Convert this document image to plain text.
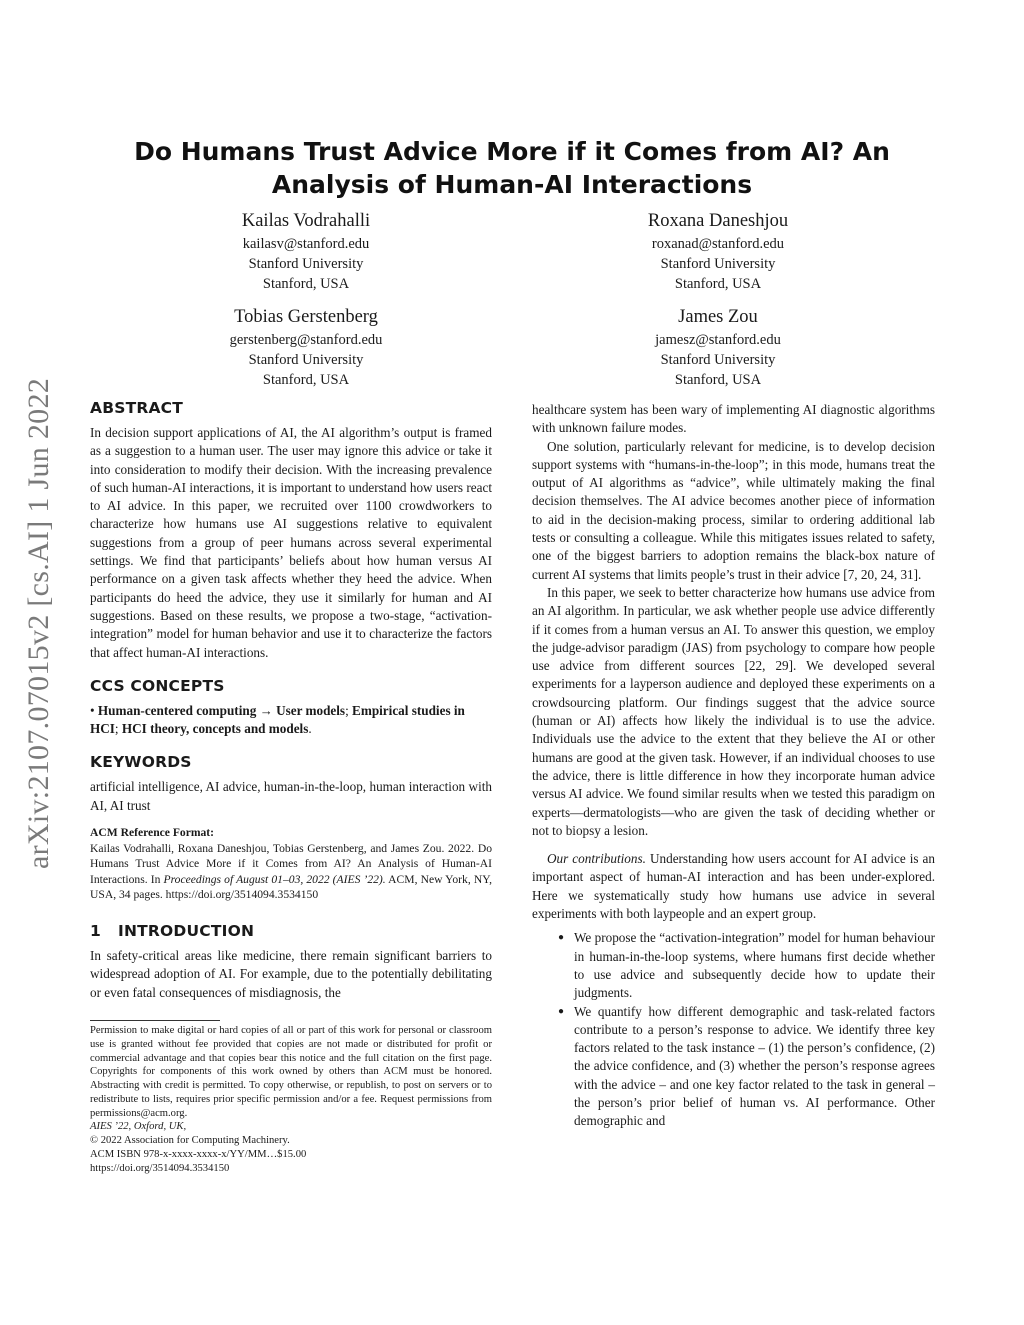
arXiv:2107.07015v2 [cs.AI] 1 Jun 2022
Do Humans Trust Advice More if it Comes from AI? An Analysis of Human-AI Interactions
Kailas Vodrahalli
kailasv@stanford.edu
Stanford University
Stanford, USA
Roxana Daneshjou
roxanad@stanford.edu
Stanford University
Stanford, USA
Tobias Gerstenberg
gerstenberg@stanford.edu
Stanford University
Stanford, USA
James Zou
jamesz@stanford.edu
Stanford University
Stanford, USA
ABSTRACT

In decision support applications of AI, the AI algorithm’s output is framed as a suggestion to a human user. The user may ignore this advice or take it into consideration to modify their decision. With the increasing prevalence of such human-AI interactions, it is important to understand how users react to AI advice. In this paper, we recruited over 1100 crowdworkers to characterize how humans use AI suggestions relative to equivalent suggestions from a group of peer humans across several experimental settings. We find that participants’ beliefs about how human versus AI performance on a given task affects whether they heed the advice. When participants do heed the advice, they use it similarly for human and AI suggestions. Based on these results, we propose a two-stage, “activation-integration” model for human behavior and use it to characterize the factors that affect human-AI interactions.

CCS CONCEPTS

• Human-centered computing → User models; Empirical studies in HCI; HCI theory, concepts and models.

KEYWORDS

artificial intelligence, AI advice, human-in-the-loop, human interaction with AI, AI trust

ACM Reference Format:

Kailas Vodrahalli, Roxana Daneshjou, Tobias Gerstenberg, and James Zou. 2022. Do Humans Trust Advice More if it Comes from AI? An Analysis of Human-AI Interactions. In Proceedings of August 01–03, 2022 (AIES ’22). ACM, New York, NY, USA, 34 pages. https://doi.org/3514094.3534150

1 INTRODUCTION

In safety-critical areas like medicine, there remain significant barriers to widespread adoption of AI. For example, due to the potentially debilitating or even fatal consequences of misdiagnosis, the

Permission to make digital or hard copies of all or part of this work for personal or classroom use is granted without fee provided that copies are not made or distributed for profit or commercial advantage and that copies bear this notice and the full citation on the first page. Copyrights for components of this work owned by others than ACM must be honored. Abstracting with credit is permitted. To copy otherwise, or republish, to post on servers or to redistribute to lists, requires prior specific permission and/or a fee. Request permissions from permissions@acm.org.

AIES ’22, Oxford, UK,

© 2022 Association for Computing Machinery.

ACM ISBN 978-x-xxxx-xxxx-x/YY/MM…$15.00

https://doi.org/3514094.3534150

healthcare system has been wary of implementing AI diagnostic algorithms with unknown failure modes.

One solution, particularly relevant for medicine, is to develop decision support systems with “humans-in-the-loop”; in this mode, humans treat the output of AI algorithms as “advice”, while ultimately making the final decision themselves. The AI advice becomes another piece of information to aid in the decision-making process, similar to ordering additional lab tests or consulting a colleague. While this mitigates issues related to safety, one of the biggest barriers to adoption remains the black-box nature of current AI systems that limits people’s trust in their advice [7, 20, 24, 31].

In this paper, we seek to better characterize how humans use advice from an AI algorithm. In particular, we ask whether people use advice differently if it comes from a human versus an AI. To answer this question, we employ the judge-advisor paradigm (JAS) from psychology to compare how people use advice from different sources [22, 29]. We developed several experiments for a layperson audience and deployed these experiments on a crowdsourcing platform. Our findings suggest that the advice source (human or AI) affects how likely the individual is to use the advice. Individuals use the advice to the extent that they believe the AI or other humans are good at the given task. However, if an individual chooses to use the advice, there is little difference in how they incorporate human advice versus AI advice. We found similar results when we tested this paradigm on experts—dermatologists—who are given the task of deciding whether or not to biopsy a lesion.

Our contributions. Understanding how users account for AI advice is an important aspect of human-AI interaction and has been under-explored. Here we systematically study how humans use advice in several experiments with both laypeople and an expert group.

● We propose the “activation-integration” model for human behaviour in human-in-the-loop systems, where humans first decide whether to use advice and subsequently decide how to update their judgments.
● We quantify how different demographic and task-related factors contribute to a person’s response to advice. We identify three key factors related to the task instance – (1) the person’s confidence, (2) the advice confidence, and (3) whether the person’s response agrees with the advice – and one key factor related to the task in general – the person’s prior belief of human vs. AI performance. Other demographic and
